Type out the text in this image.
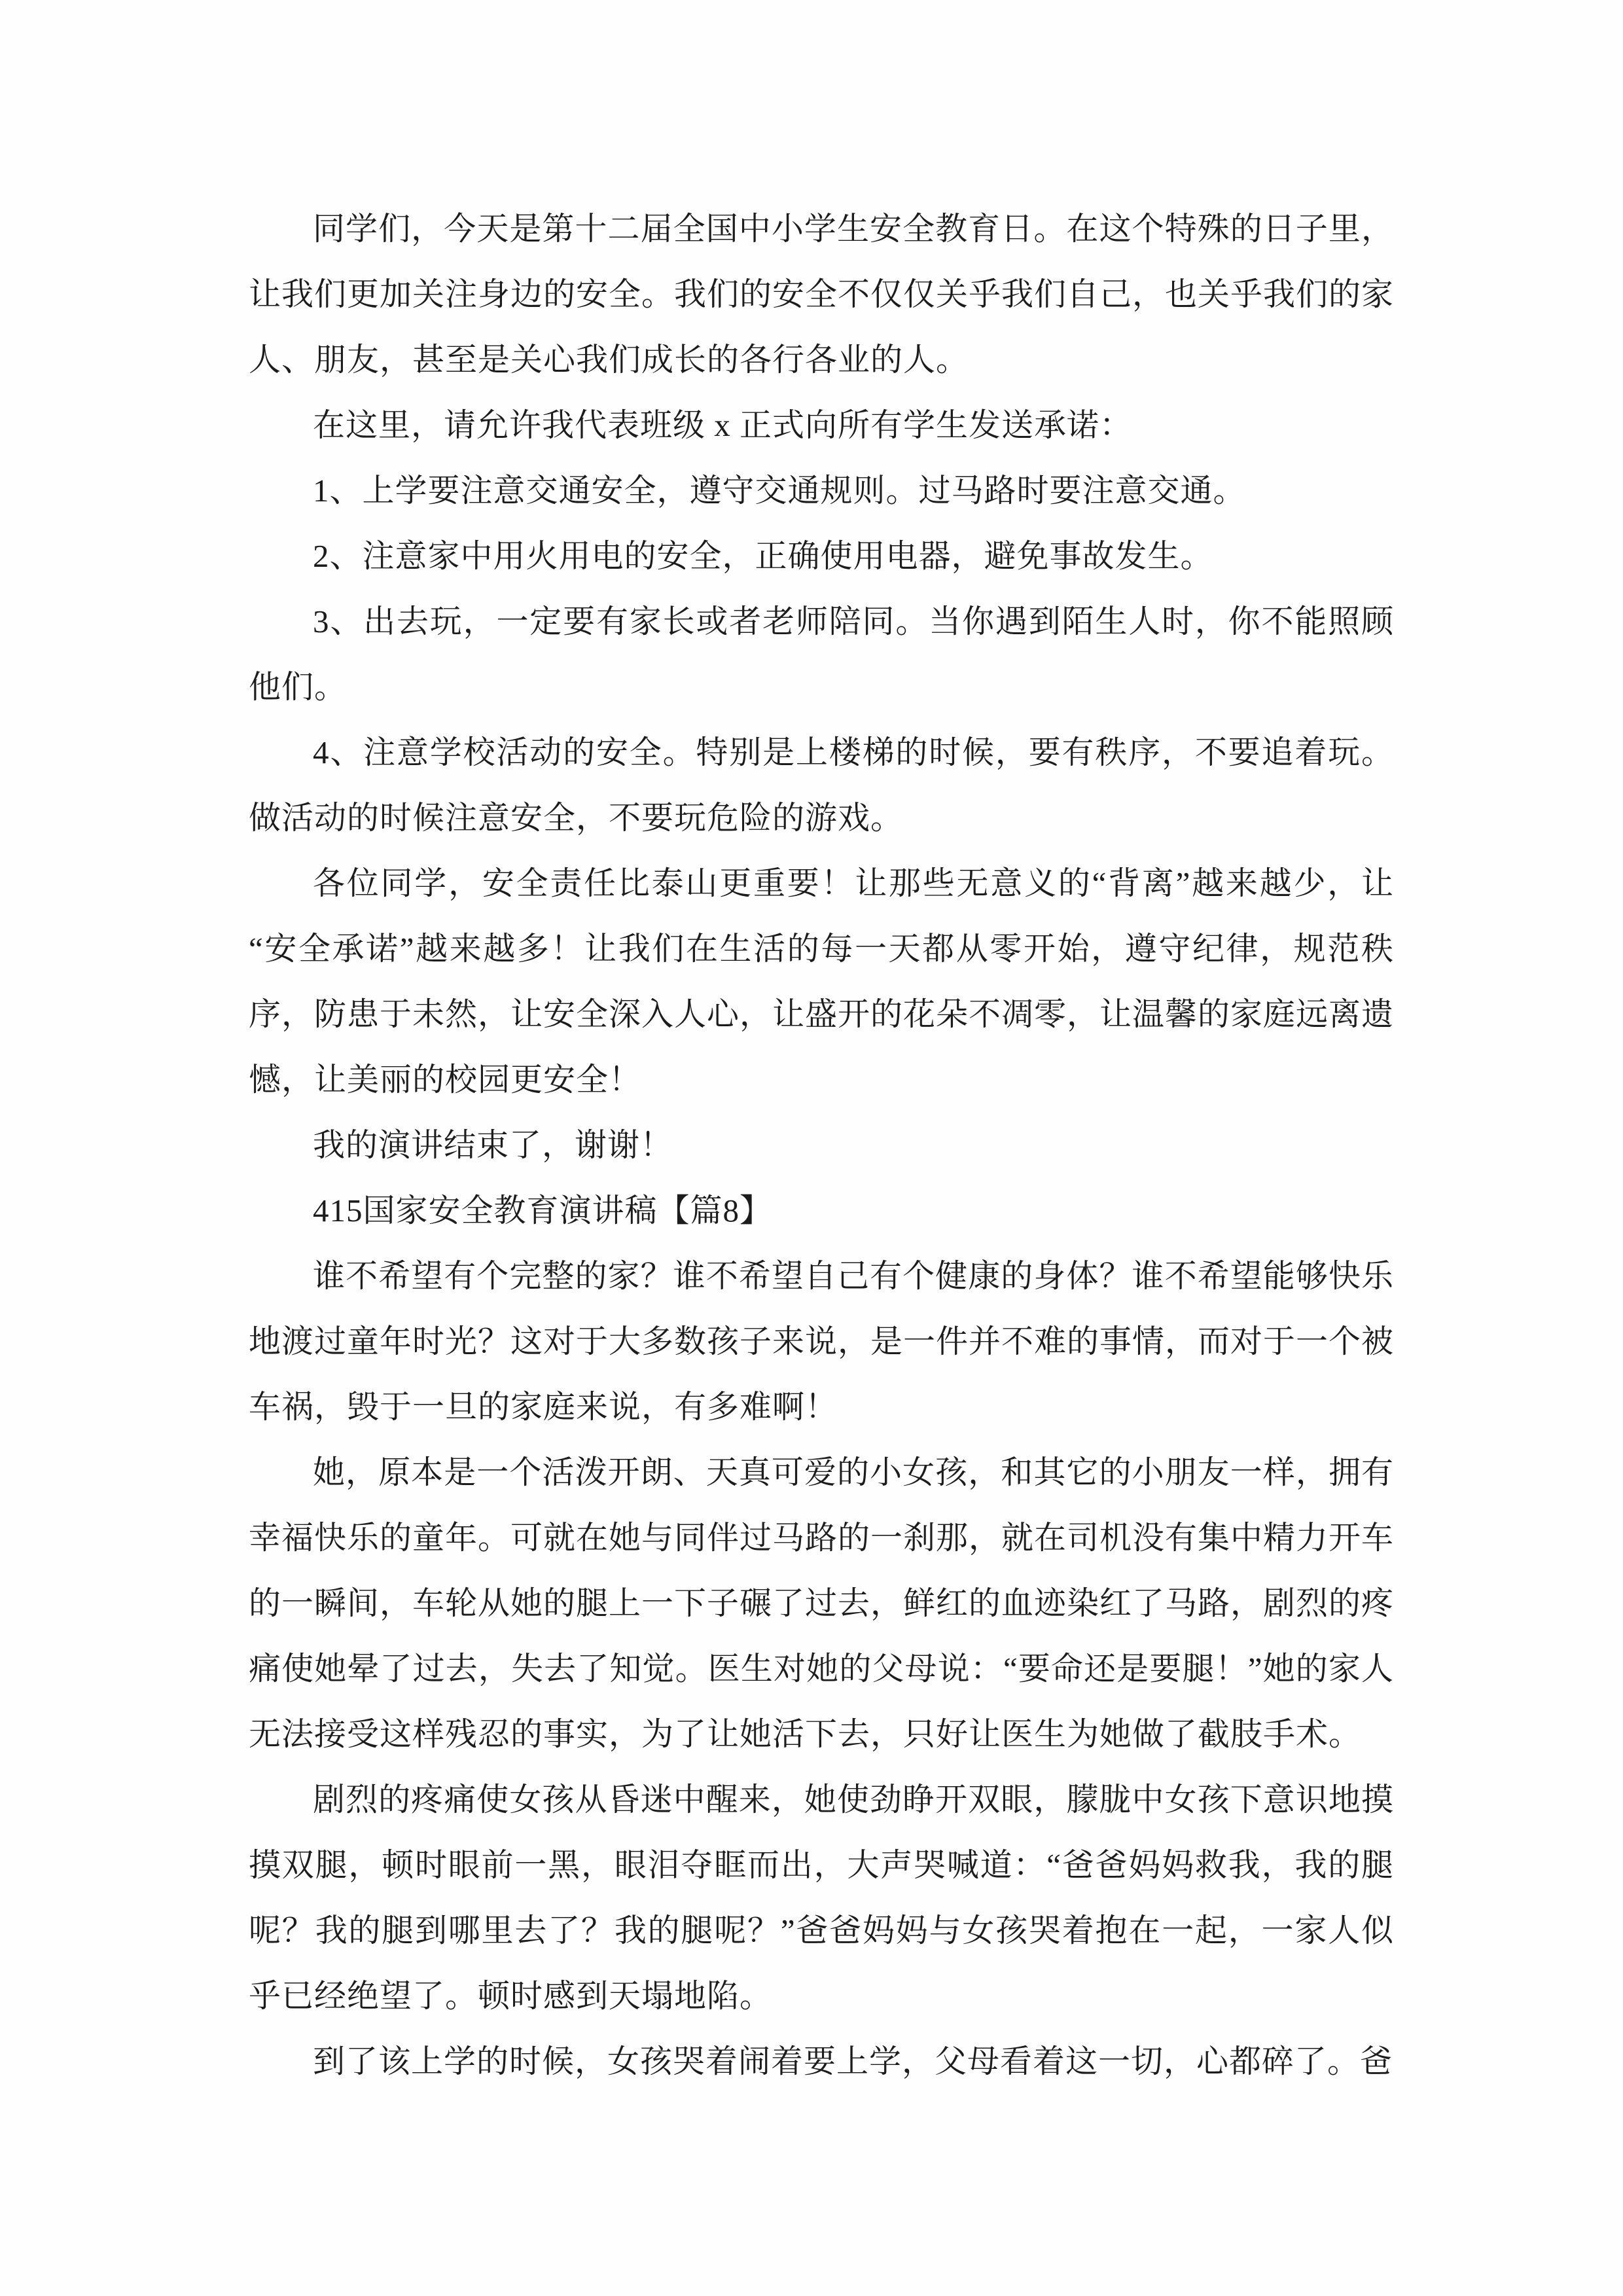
同学们，今天是第十二届全国中小学生安全教育日。在这个特殊的日子里，让我们更加关注身边的安全。我们的安全不仅仅关乎我们自己，也关乎我们的家人、朋友，甚至是关心我们成长的各行各业的人。

在这里，请允许我代表班级 x 正式向所有学生发送承诺：

1、上学要注意交通安全，遵守交通规则。过马路时要注意交通。

2、注意家中用火用电的安全，正确使用电器，避免事故发生。

3、出去玩，一定要有家长或者老师陪同。当你遇到陌生人时，你不能照顾他们。

4、注意学校活动的安全。特别是上楼梯的时候，要有秩序，不要追着玩。做活动的时候注意安全，不要玩危险的游戏。

各位同学，安全责任比泰山更重要！让那些无意义的“背离”越来越少，让“安全承诺”越来越多！让我们在生活的每一天都从零开始，遵守纪律，规范秩序，防患于未然，让安全深入人心，让盛开的花朵不凋零，让温馨的家庭远离遗憾，让美丽的校园更安全！

我的演讲结束了，谢谢！

415国家安全教育演讲稿【篇8】

谁不希望有个完整的家？谁不希望自己有个健康的身体？谁不希望能够快乐地渡过童年时光？这对于大多数孩子来说，是一件并不难的事情，而对于一个被车祸，毁于一旦的家庭来说，有多难啊！

她，原本是一个活泼开朗、天真可爱的小女孩，和其它的小朋友一样，拥有幸福快乐的童年。可就在她与同伴过马路的一刹那，就在司机没有集中精力开车的一瞬间，车轮从她的腿上一下子碾了过去，鲜红的血迹染红了马路，剧烈的疼痛使她晕了过去，失去了知觉。医生对她的父母说：“要命还是要腿！”她的家人无法接受这样残忍的事实，为了让她活下去，只好让医生为她做了截肢手术。

剧烈的疼痛使女孩从昏迷中醒来，她使劲睁开双眼，朦胧中女孩下意识地摸摸双腿，顿时眼前一黑，眼泪夺眶而出，大声哭喊道：“爸爸妈妈救我，我的腿呢？我的腿到哪里去了？我的腿呢？”爸爸妈妈与女孩哭着抱在一起，一家人似乎已经绝望了。顿时感到天塌地陷。

到了该上学的时候，女孩哭着闹着要上学，父母看着这一切，心都碎了。爸
